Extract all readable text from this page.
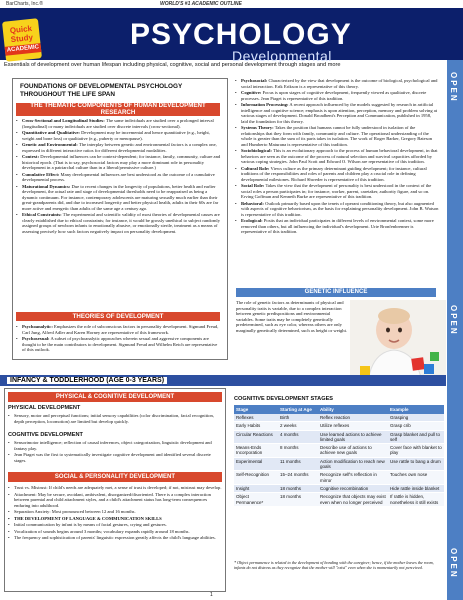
BarCharts, Inc.®	WORLD'S #1 ACADEMIC OUTLINE
Quick
Study
ACADEMIC	PSYCHOLOGY
Developmental
Essentials of development over human lifespan including physical, cognitive, social and personal development through stages and more
OPEN
OPEN
OPEN
FOUNDATIONS OF DEVELOPMENTAL PSYCHOLOGY THROUGHOUT THE LIFE SPAN
THE THEMATIC COMPONENTS OF HUMAN DEVELOPMENT RESEARCH
• Cross-Sectional and Longitudinal Studies: The same individuals are studied over a prolonged interval (longitudinal) or many individuals are studied over discrete intervals (cross-sectional).
• Quantitative and Qualitative: Development may be incremental and hence quantitative (e.g., height, weight and bone loss) or qualitative (e.g., puberty or menopause).
• Genetic and Environmental: The interplay between genetic and environmental factors is a complex one, expressed in different interactive ratios for different developmental modalities.
• Context: Developmental influences can be context-dependent; for instance, family, community, culture and historical epoch. (That is to say, psychosocial factors may play a more dominant role in personality development in a patriarchal culture than in a liberal/permissive culture.)
• Cumulative Effect: Many developmental influences are best understood as the outcome of a cumulative developmental process.
• Maturational Dynamics: Due to recent changes in the longevity of populations, better health and earlier development, the actual rate and stage of developmental thresholds need to be reappraised as being a dynamic continuum. For instance, contemporary adolescents are maturing sexually much earlier than their great-grandparents did, and due to increased longevity and better physical health, adults in their 60s are far more active and energetic than adults of the same age a century ago.
• Ethical Constraints: The experimental and scientific validity of most theories of developmental causes are clearly established due to ethical constraints; for instance, it would be grossly unethical to subject randomly assigned groups of newborn infants to emotionally abusive, or emotionally sterile, treatment as a means of assessing precisely how such factors negatively impact on personality development.
THEORIES OF DEVELOPMENT
• Psychoanalytic: Emphasizes the role of subconscious factors in personality development. Sigmund Freud, Carl Jung, Alfred Adler and Karen Horney are representative of this framework.
• Psychosexual: A subset of psychoanalytic approaches wherein sexual and aggressive components are thought to be the main contributors to development. Sigmund Freud and Wilhelm Reich are representative of this outlook.
• Psychosocial: Characterized by the view that development is the outcome of biological, psychological and social interaction. Erik Erikson is a representative of this theory.
• Cognitive: Focus is upon stages of cognitive development, frequently viewed as qualitative, discrete processes. Jean Piaget is representative of this tradition.
• Information Processing: A recent approach influenced by the models suggested by research in artificial intelligence and cognitive science; emphasis is upon attention, perception, memory and problem solving at various stages of development. Donald Broadbent's Perception and Communication, published in 1958, laid the foundation for this theory.
• Systems Theory: Takes the position that humans cannot be fully understood in isolation of the relationships that they form with family, community and culture. The operational understanding of the whole is greater than the sum of its parts takes in isolation. The work of Roger Barker, Gregory Bateson and Humberto Maturana is representative of this tradition.
• Sociobiological: This is an evolutionary approach to the process of human behavioral development, in that behaviors are seen as the outcome of the process of natural selection and survival capacities afforded by various coping strategies. John Paul Scott and Edward O. Wilson are representative of this tradition.
• Cultural Role: Views culture as the primary determinant guiding development; for instance, cultural traditions of the responsibilities and roles of parents and children play a crucial role in defining developmental milestones. Richard Shweder is representative of this tradition.
• Social Role: Takes the view that the development of personality is best understood in the context of the social roles a person participates in; for instance, worker, parent, caretaker, authority figure, and so on. Erving Goffman and Kenneth Burke are representative of this tradition.
• Behavioral: Outlook primarily based upon the tenets of operant conditioning theory, but also augmented with aspects of cognitive behaviorism, as the basis for explaining personality development. John B. Watson is representative of this tradition.
• Ecological: Posits that an individual participates in different levels of environmental context, some more removed than others, but all influencing the individual's development. Urie Bronfenbrenner is representative of this tradition.
GENETIC INFLUENCE
The role of genetic factors as determinants of physical and personality traits is variable, due to a complex interaction between genetic predispositions and environmental variables. Some traits may be completely genetically predetermined, such as eye color, whereas others are only marginally genetically determined, such as height or weight.
INFANCY & TODDLERHOOD (AGE 0-3 YEARS)
PHYSICAL & COGNITIVE DEVELOPMENT
PHYSICAL DEVELOPMENT
• Sensory, motor and perceptual functions; initial sensory capabilities (color discrimination, facial recognition, depth perception, locomotion) are limited but develop quickly.
COGNITIVE DEVELOPMENT
• Sensorimotor intelligence; reflection of causal inferences, object categorization, linguistic development and fantasy play.
• Jean Piaget was the first to systematically investigate cognitive development and identified several discrete stages.
SOCIAL & PERSONALITY DEVELOPMENT
• Trust vs. Mistrust: If child's needs are adequately met, a sense of trust is developed; if not, mistrust may develop.
• Attachment: May be secure, avoidant, ambivalent, disorganized/disoriented. There is a complex interaction between parental and child attachment styles, and a child's attachment status has long-term consequences enduring into adulthood.
• Separation Anxiety: Most pronounced between 12 and 16 months.
• THE DEVELOPMENT OF LANGUAGE & COMMUNICATION SKILLS
• Initial communication by infant is by means of facial gestures, crying and gestures.
• Vocalization of sounds begins around 3 months; vocabulary expands rapidly around 18 months.
• The frequency and sophistication of parents' linguistic expression greatly affects the child's language abilities.
COGNITIVE DEVELOPMENT STAGES
Stage	Starting at Age	Ability	Example
Reflexes	Birth	Reflex reaction	Grasping
Early Habits	2 weeks	Utilize reflexes	Grasp crib
Circular Reactions	4 months	Use learned actions to achieve limited goals	Grasp blanket and pull to self
Means-Ends Incorporation	8 months	Describe use of actions to achieve new goals	Cover face with blanket to play
Experimental	11 months	Action modification to reach new goals	Use rattle to bang a drum
Self-Recognition	15–24 months	Recognize self's reflection in mirror	Touches own nose
Insight	18 months	Cognitive recombination	Hide rattle inside blanket
Object Permanence*	18 months	Recognize that objects may exist even when no longer perceived	If rattle is hidden, nonetheless it still exists
* Object permanence is related to the development of bonding with the caregiver; hence, if the mother leaves the room, infants do not distress as they recognize that the mother will "exist" even when she is momentarily not perceived.
1
